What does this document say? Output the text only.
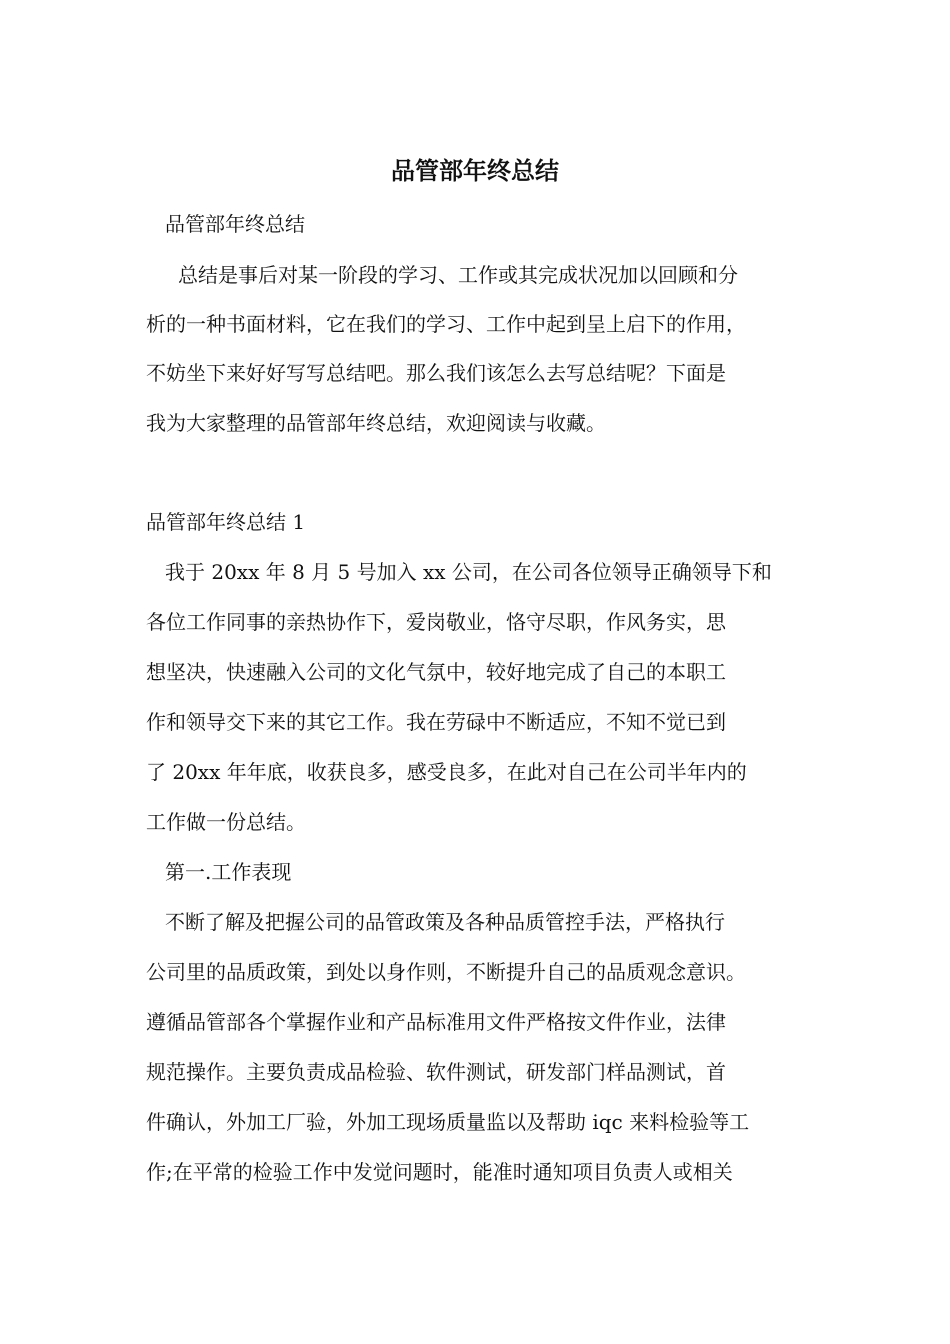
品管部年终总结

品管部年终总结

总结是事后对某一阶段的学习、工作或其完成状况加以回顾和分

析的一种书面材料，它在我们的学习、工作中起到呈上启下的作用，

不妨坐下来好好写写总结吧。那么我们该怎么去写总结呢？下面是

我为大家整理的品管部年终总结，欢迎阅读与收藏。

品管部年终总结 1

我于 20xx 年 8 月 5 号加入 xx 公司，在公司各位领导正确领导下和

各位工作同事的亲热协作下，爱岗敬业，恪守尽职，作风务实，思

想坚决，快速融入公司的文化气氛中，较好地完成了自己的本职工

作和领导交下来的其它工作。我在劳碌中不断适应，不知不觉已到

了 20xx 年年底，收获良多，感受良多，在此对自己在公司半年内的

工作做一份总结。

第一.工作表现

不断了解及把握公司的品管政策及各种品质管控手法，严格执行

公司里的品质政策，到处以身作则，不断提升自己的品质观念意识。

遵循品管部各个掌握作业和产品标准用文件严格按文件作业，法律

规范操作。主要负责成品检验、软件测试，研发部门样品测试，首

件确认，外加工厂验，外加工现场质量监以及帮助 iqc 来料检验等工

作;在平常的检验工作中发觉问题时，能准时通知项目负责人或相关
